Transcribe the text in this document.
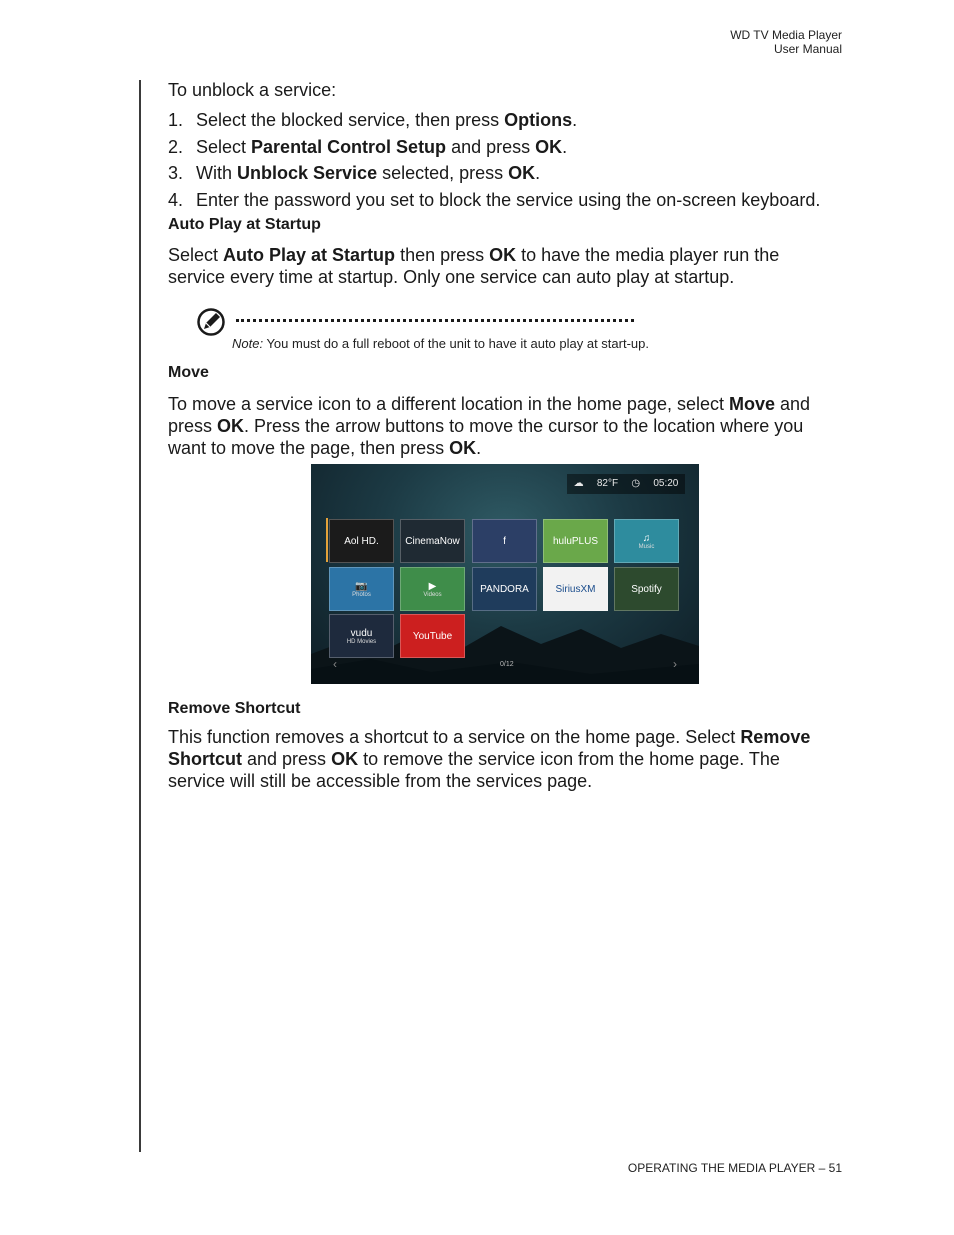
WD TV Media Player
User Manual

To unblock a service:

1. Select the blocked service, then press Options.
2. Select Parental Control Setup and press OK.
3. With Unblock Service selected, press OK.
4. Enter the password you set to block the service using the on-screen keyboard.
Auto Play at Startup

Select Auto Play at Startup then press OK to have the media player run the service every time at startup. Only one service can auto play at startup.

Move

To move a service icon to a different location in the home page, select Move and press OK. Press the arrow buttons to move the cursor to the location where you want to move the page, then press OK.

Remove Shortcut

This function removes a shortcut to a service on the home page. Select Remove Shortcut and press OK to remove the service icon from the home page. The service will still be accessible from the services page.

Note: You must do a full reboot of the unit to have it auto play at start-up.
☁ 82°F ◷ 05:20
Aol HD.	CinemaNow	f	huluPLUS	♫
Music
📷
Photos
▶
Videos	PANDORA	SiriusXM	Spotify
vudu
HD Movies	YouTube
‹	0/12	›
OPERATING THE MEDIA PLAYER – 51
